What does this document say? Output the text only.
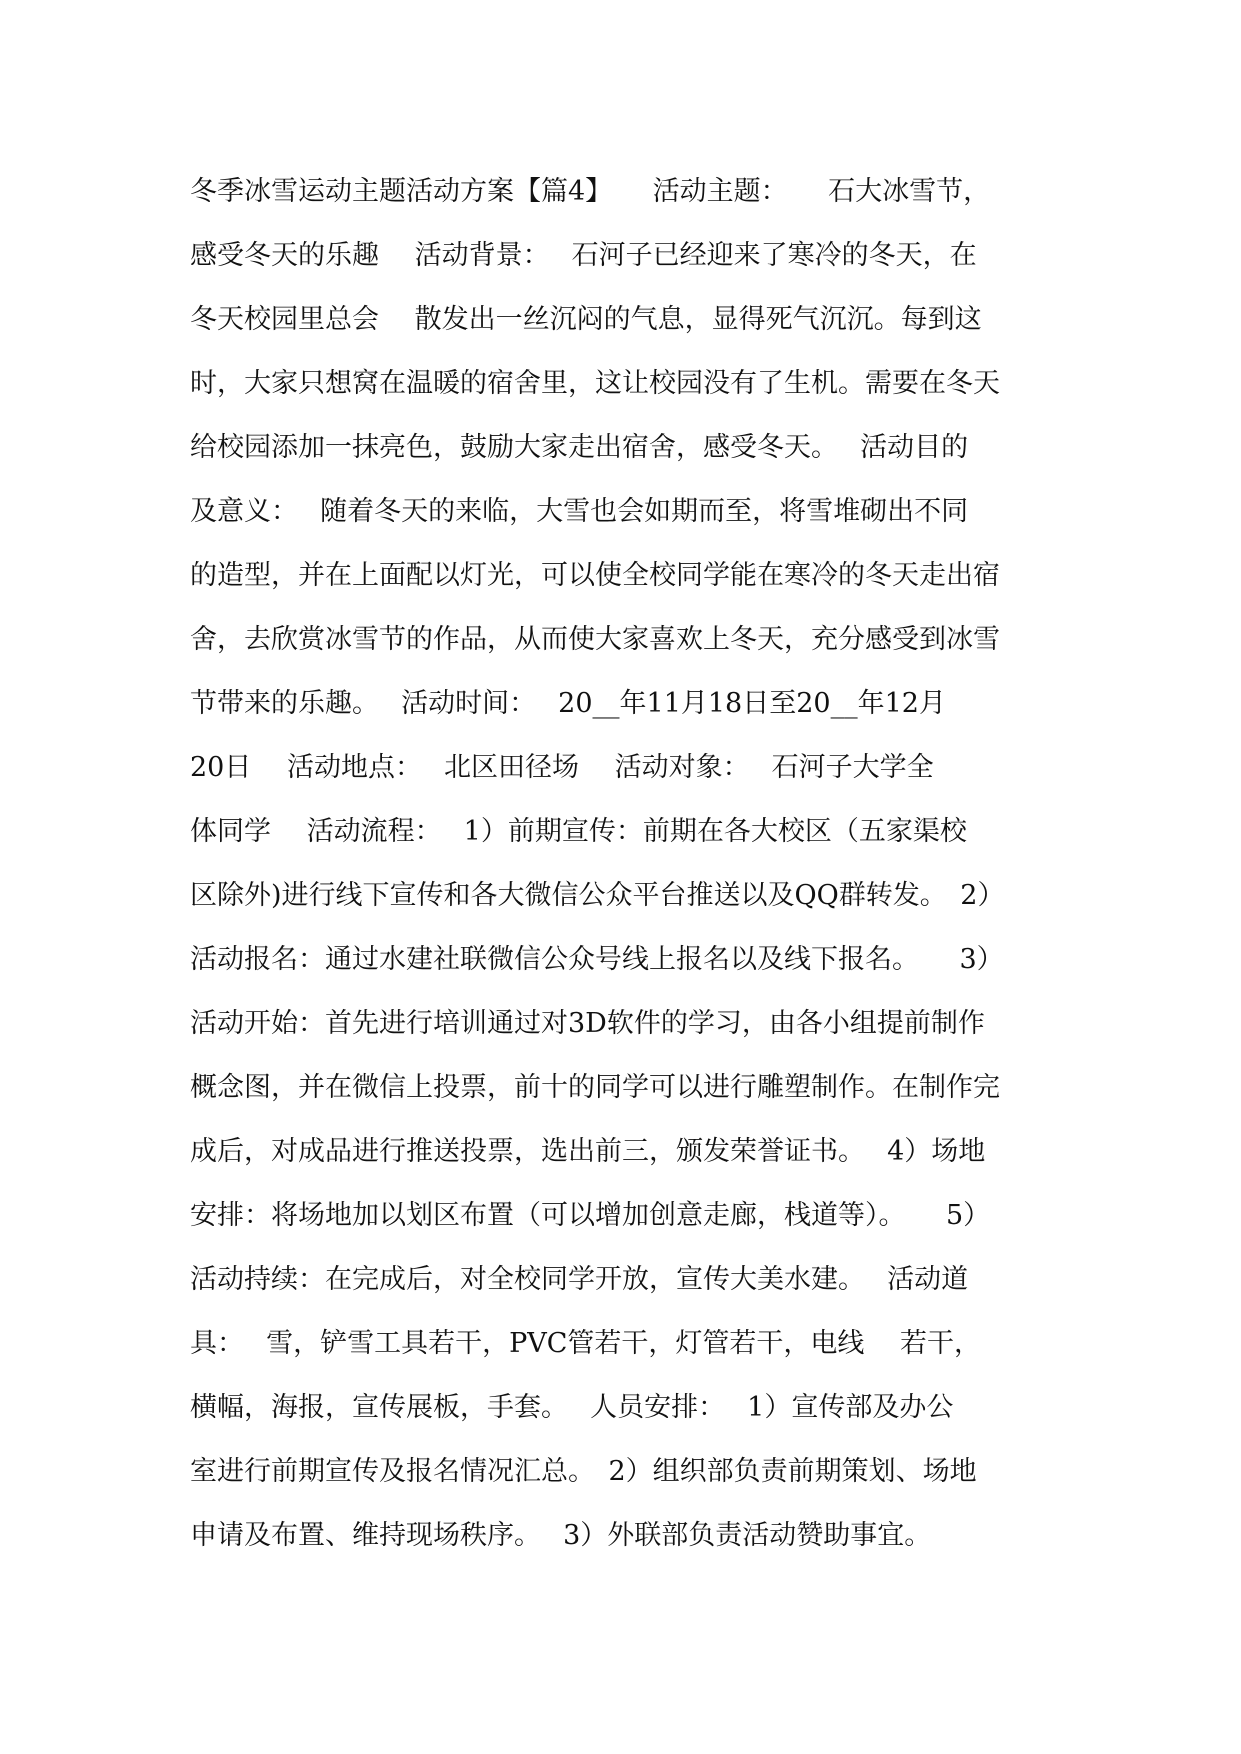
冬季冰雪运动主题活动方案【篇4】　　活动主题：　　石大冰雪节，
感受冬天的乐趣　 活动背景：　 石河子已经迎来了寒冷的冬天，在
冬天校园里总会　 散发出一丝沉闷的气息，显得死气沉沉。每到这
时，大家只想窝在温暖的宿舍里，这让校园没有了生机。需要在冬天
给校园添加一抹亮色，鼓励大家走出宿舍，感受冬天。　 活动目的
及意义：　 随着冬天的来临，大雪也会如期而至，将雪堆砌出不同
的造型，并在上面配以灯光，可以使全校同学能在寒冷的冬天走出宿
舍，去欣赏冰雪节的作品，从而使大家喜欢上冬天，充分感受到冰雪
节带来的乐趣。　 活动时间：　 20__年11月18日至20__年12月
20日　 活动地点：　 北区田径场　 活动对象：　 石河子大学全
体同学　 活动流程：　 1）前期宣传：前期在各大校区（五家渠校
区除外)进行线下宣传和各大微信公众平台推送以及QQ群转发。　2）
活动报名：通过水建社联微信公众号线上报名以及线下报名。　　3）
活动开始：首先进行培训通过对3D软件的学习，由各小组提前制作
概念图，并在微信上投票，前十的同学可以进行雕塑制作。在制作完
成后，对成品进行推送投票，选出前三，颁发荣誉证书。　 4）场地
安排：将场地加以划区布置（可以增加创意走廊，栈道等）。　　5）
活动持续：在完成后，对全校同学开放，宣传大美水建。　 活动道
具：　 雪，铲雪工具若干，PVC管若干，灯管若干，电线　 若干，
横幅，海报，宣传展板，手套。　 人员安排：　 1）宣传部及办公
室进行前期宣传及报名情况汇总。　2）组织部负责前期策划、场地
申请及布置、维持现场秩序。　 3）外联部负责活动赞助事宜。
